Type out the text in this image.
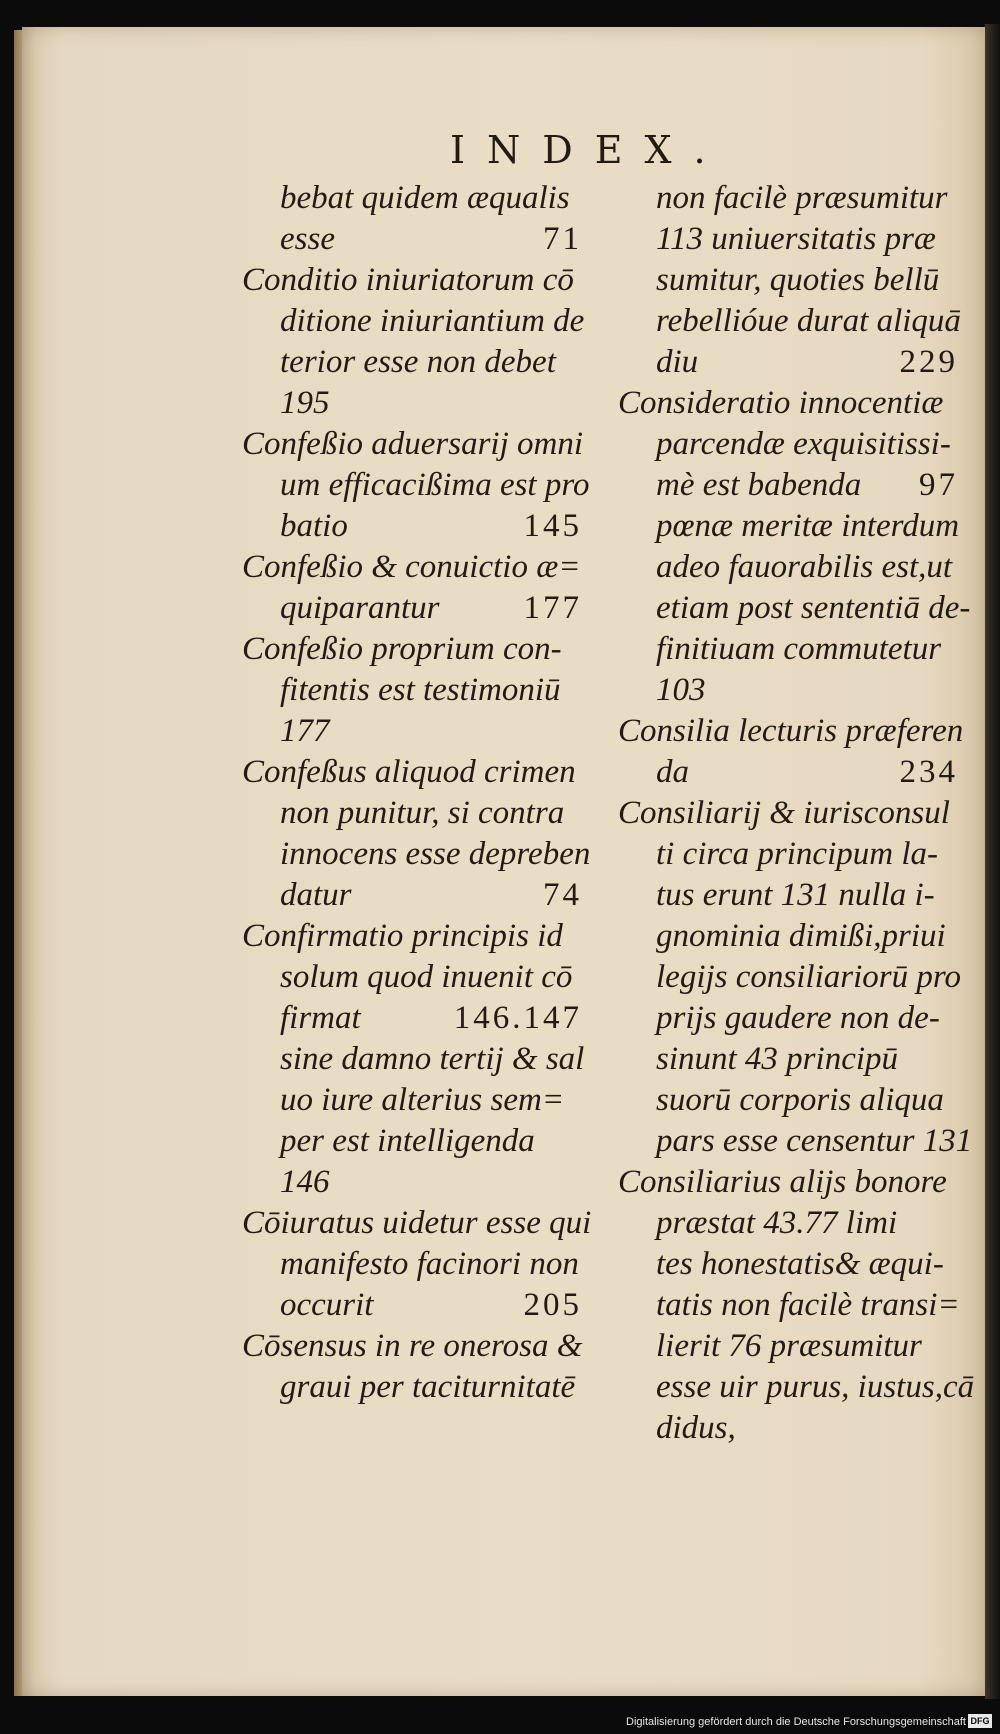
INDEX.
bebat quidem æqualis
esse	71
Conditio iniuriatorum cō
ditione iniuriantium de
terior esse non debet
195
Confeßio aduersarij omni
um efficacißima est pro
batio	145
Confeßio & conuictio æ=
quiparantur	177
Confeßio proprium con-
fitentis est testimoniū
177
Confeßus aliquod crimen
non punitur, si contra
innocens esse depreben
datur	74
Confirmatio principis id
solum quod inuenit cō
firmat	146.147
sine damno tertij & sal
uo iure alterius sem=
per est intelligenda
146
Cōiuratus uidetur esse qui
manifesto facinori non
occurit	205
Cōsensus in re onerosa &
graui per taciturnitatē
non facilè præsumitur
113 uniuersitatis præ
sumitur, quoties bellū
rebellióue durat aliquā
diu	229
Consideratio innocentiæ
parcendæ exquisitissi-
mè est babenda 97
pœnæ meritæ interdum
adeo fauorabilis est,ut
etiam post sententiā de-
finitiuam commutetur
103
Consilia lecturis præferen
da	234
Consiliarij & iurisconsul
ti circa principum la-
tus erunt 131 nulla i-
gnominia dimißi,priui
legijs consiliariorū pro
prijs gaudere non de-
sinunt 43 principū
suorū corporis aliqua
pars esse censentur 131
Consiliarius alijs bonore
præstat 43.77 limi
tes honestatis& æqui-
tatis non facilè transi=
lierit 76 præsumitur
esse uir purus, iustus,cā
didus,
Digitalisierung gefördert durch die Deutsche Forschungsgemeinschaft DFG
